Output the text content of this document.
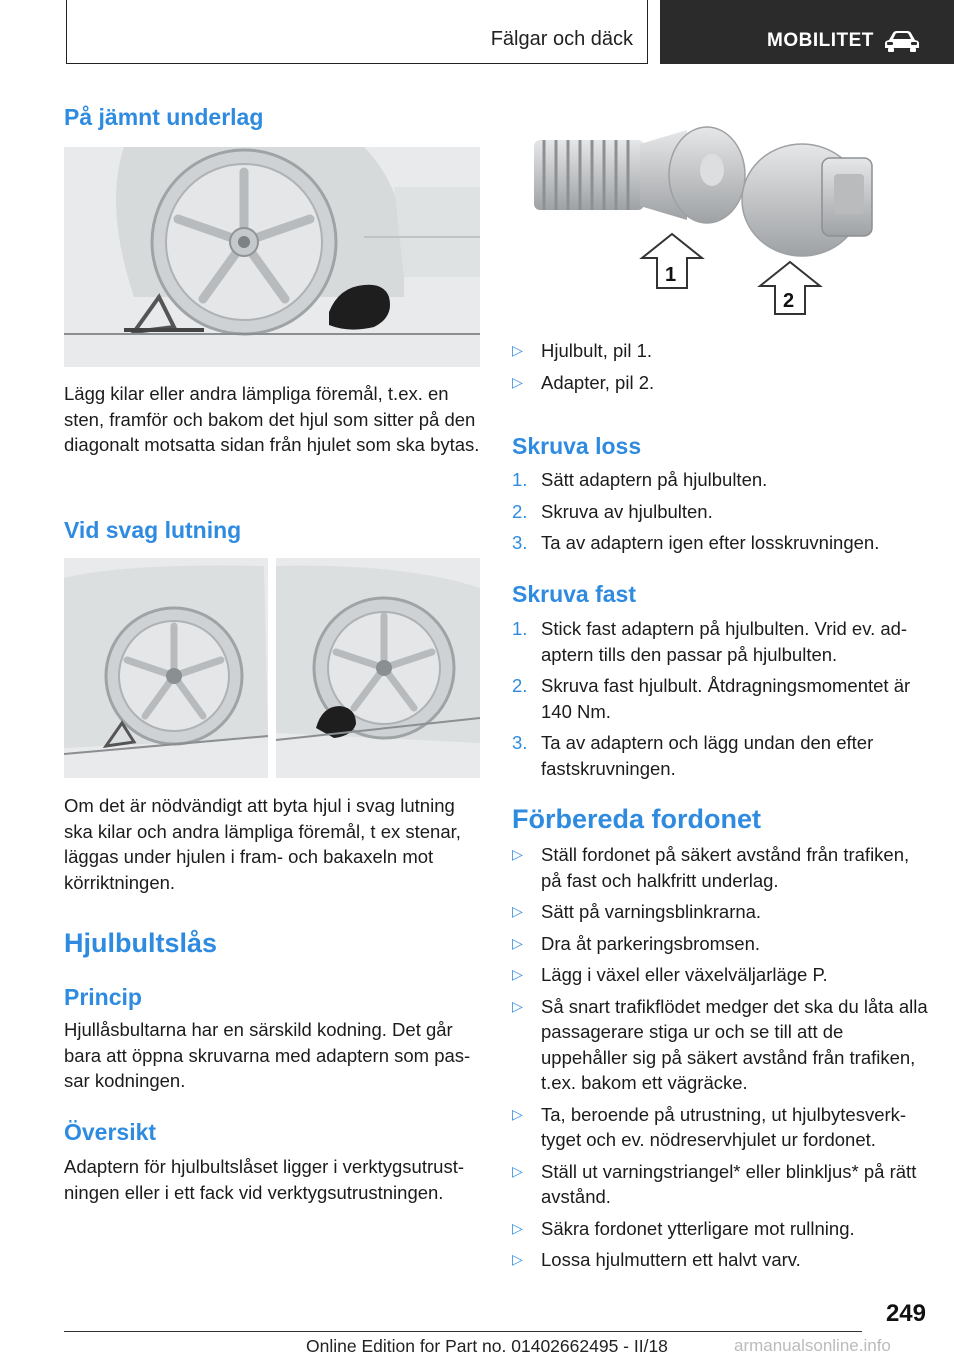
Fälgar och däck	MOBILITET
På jämnt underlag

Lägg kilar eller andra lämpliga föremål, t.ex. en sten, framför och bakom det hjul som sitter på den diagonalt motsatta sidan från hjulet som ska bytas.

Vid svag lutning

Om det är nödvändigt att byta hjul i svag lutning ska kilar och andra lämpliga föremål, t ex stenar, läggas under hjulen i fram- och bakaxeln mot körriktningen.

Hjulbultslås
Princip

Hjullåsbultarna har en särskild kodning. Det går bara att öppna skruvarna med adaptern som pas‐ sar kodningen.

Översikt

Adaptern för hjulbultslåset ligger i verktygsutrust‐ ningen eller i ett fack vid verktygsutrustningen.

1
2
▷ Hjulbult, pil 1.
▷ Adapter, pil 2.
Skruva loss
1. Sätt adaptern på hjulbulten.
2. Skruva av hjulbulten.
3. Ta av adaptern igen efter losskruvningen.
Skruva fast
1. Stick fast adaptern på hjulbulten. Vrid ev. ad‐ aptern tills den passar på hjulbulten.
2. Skruva fast hjulbult. Åtdragningsmomentet är 140 Nm.
3. Ta av adaptern och lägg undan den efter fastskruvningen.
Förbereda fordonet
▷ Ställ fordonet på säkert avstånd från trafiken, på fast och halkfritt underlag.
▷ Sätt på varningsblinkrarna.
▷ Dra åt parkeringsbromsen.
▷ Lägg i växel eller växelväljarläge P.
▷ Så snart trafikflödet medger det ska du låta alla passagerare stiga ur och se till att de uppehåller sig på säkert avstånd från trafiken, t.ex. bakom ett vägräcke.
▷ Ta, beroende på utrustning, ut hjulbytesverk‐ tyget och ev. nödreservhjulet ur fordonet.
▷ Ställ ut varningstriangel* eller blinkljus* på rätt avstånd.
▷ Säkra fordonet ytterligare mot rullning.
▷ Lossa hjulmuttern ett halvt varv.
249
Online Edition for Part no. 01402662495 - II/18	armanualsonline.info
